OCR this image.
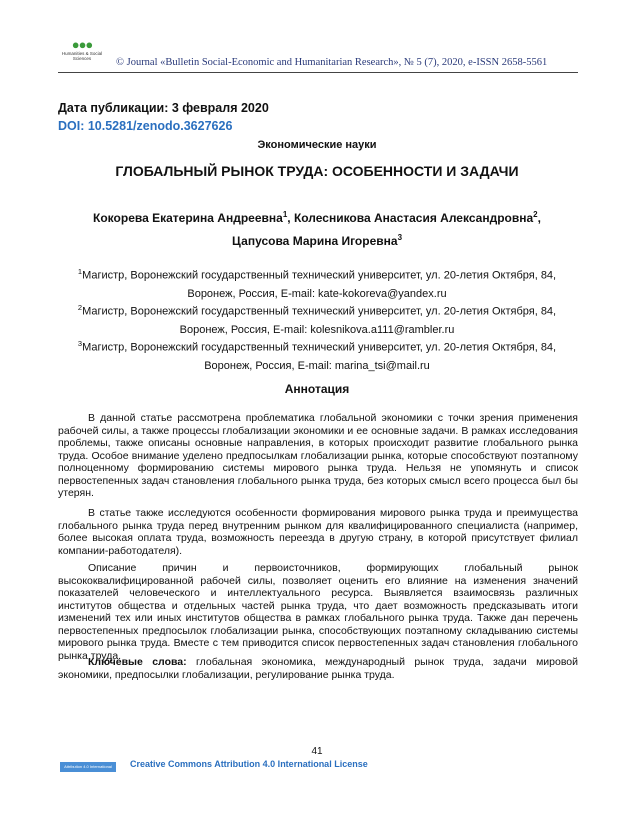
●●●
Humanities & Social Sciences	© Journal «Bulletin Social-Economic and Humanitarian Research», № 5 (7), 2020, e-ISSN 2658-5561
Дата публикации: 3 февраля 2020
DOI: 10.5281/zenodo.3627626
Экономические науки
ГЛОБАЛЬНЫЙ РЫНОК ТРУДА: ОСОБЕННОСТИ И ЗАДАЧИ
Кокорева Екатерина Андреевна$^1$, Колесникова Анастасия Александровна$^2$,
Цапусова Марина Игоревна$^3$
$^1$Магистр, Воронежский государственный технический университет, ул. 20-летия Октября, 84,
Воронеж, Россия, E-mail: kate-kokoreva@yandex.ru
$^2$Магистр, Воронежский государственный технический университет, ул. 20-летия Октября, 84,
Воронеж, Россия, E-mail: kolesnikova.a111@rambler.ru
$^3$Магистр, Воронежский государственный технический университет, ул. 20-летия Октября, 84,
Воронеж, Россия, E-mail: marina_tsi@mail.ru
Аннотация
В данной статье рассмотрена проблематика глобальной экономики с точки зрения применения рабочей силы, а также процессы глобализации экономики и ее основные задачи. В рамках исследования проблемы, также описаны основные направления, в которых происходит развитие глобального рынка труда. Особое внимание уделено предпосылкам глобализации рынка, которые способствуют поэтапному полноценному формированию системы мирового рынка труда. Нельзя не упомянуть и список первостепенных задач становления глобального рынка труда, без которых смысл всего процесса был бы утерян.
В статье также исследуются особенности формирования мирового рынка труда и преимущества глобального рынка труда перед внутренним рынком для квалифицированного специалиста (например, более высокая оплата труда, возможность переезда в другую страну, в которой присутствует филиал компании-работодателя).
Описание причин и первоисточников, формирующих глобальный рынок высококвалифицированной рабочей силы, позволяет оценить его влияние на изменения значений показателей человеческого и интеллектуального ресурса. Выявляется взаимосвязь различных институтов общества и отдельных частей рынка труда, что дает возможность предсказывать итоги изменений тех или иных институтов общества в рамках глобального рынка труда. Также дан перечень первостепенных предпосылок глобализации рынка, способствующих поэтапному складыванию системы мирового рынка труда. Вместе с тем приводится список первостепенных задач становления глобального рынка труда.
Ключевые слова: глобальная экономика, международный рынок труда, задачи мировой экономики, предпосылки глобализации, регулирование рынка труда.
41
Attribution 4.0 International (CC BY 4.0)
Creative Commons Attribution 4.0 International License
